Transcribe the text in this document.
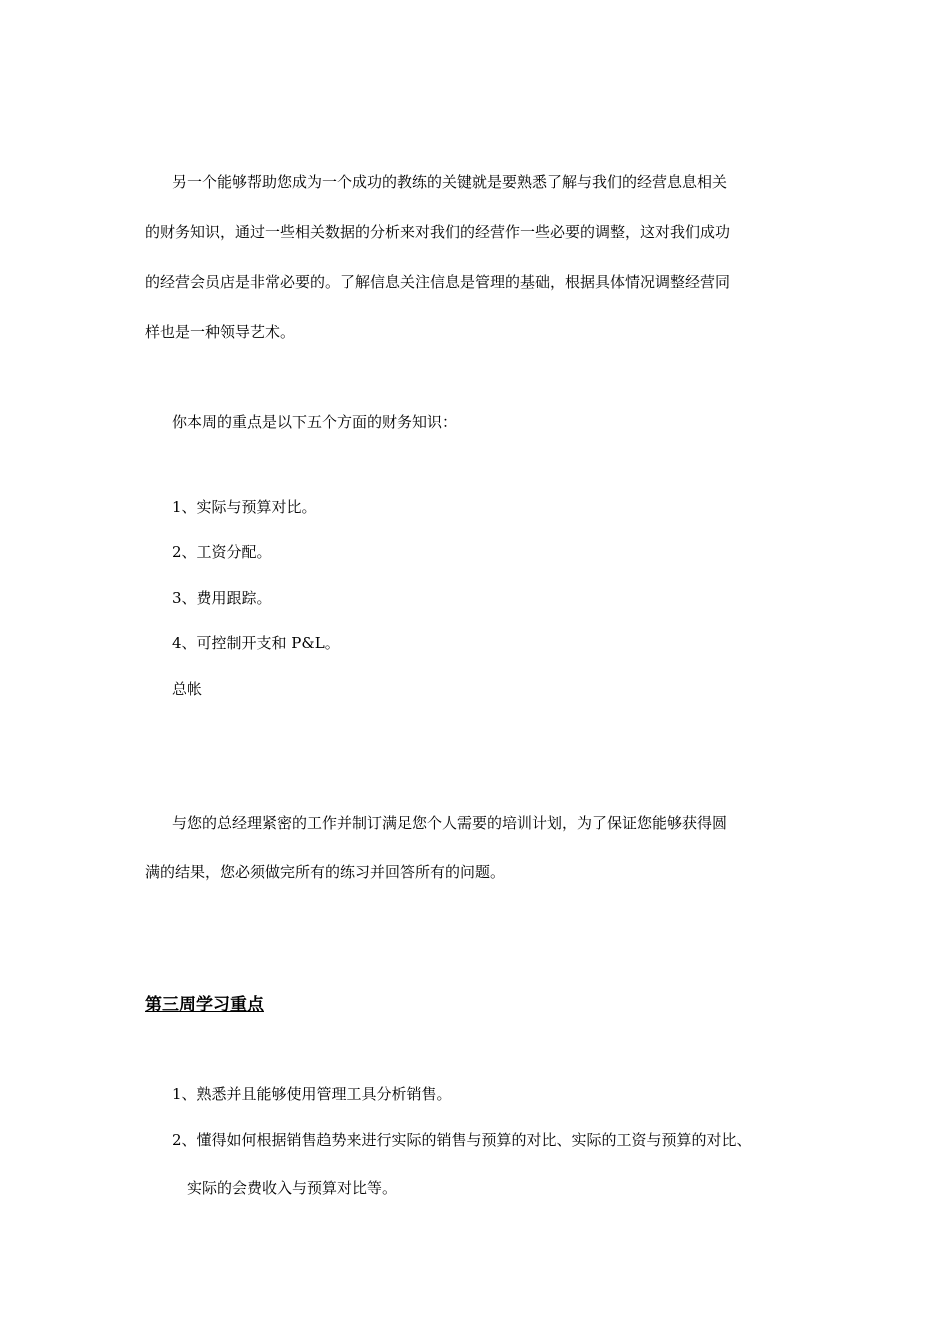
另一个能够帮助您成为一个成功的教练的关键就是要熟悉了解与我们的经营息息相关
的财务知识，通过一些相关数据的分析来对我们的经营作一些必要的调整，这对我们成功
的经营会员店是非常必要的。了解信息关注信息是管理的基础，根据具体情况调整经营同
样也是一种领导艺术。
你本周的重点是以下五个方面的财务知识：
1、实际与预算对比。
2、工资分配。
3、费用跟踪。
4、可控制开支和 P&L。
总帐
与您的总经理紧密的工作并制订满足您个人需要的培训计划，为了保证您能够获得圆
满的结果，您必须做完所有的练习并回答所有的问题。
第三周学习重点
1、熟悉并且能够使用管理工具分析销售。
2、懂得如何根据销售趋势来进行实际的销售与预算的对比、实际的工资与预算的对比、
实际的会费收入与预算对比等。
